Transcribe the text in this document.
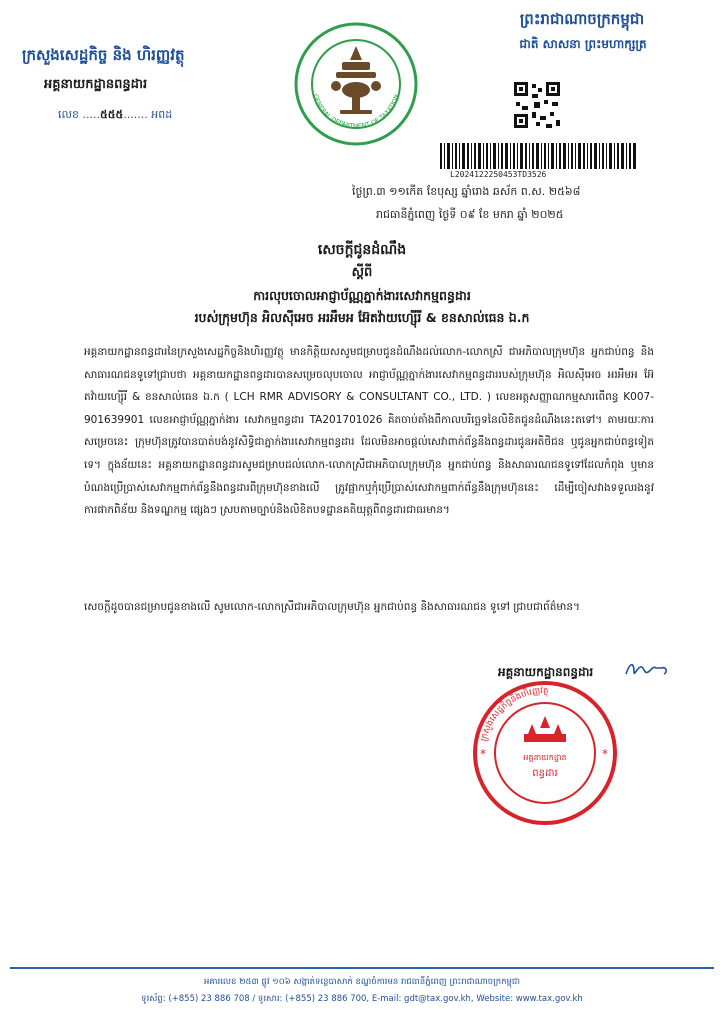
ក្រសួងសេដ្ឋកិច្ច និង ហិរញ្ញវត្ថុ
អគ្គនាយកដ្ឋានពន្ធដារ
លេខ .....៥៥៥....... អពដ
GENERAL DEPARTMENT OF TAXATION
ព្រះរាជាណាចក្រកម្ពុជា
ជាតិ សាសនា ព្រះមហាក្សត្រ
L2024122250453TD3526
ថ្ងៃព្រ.៣ ១១កើត ខែបុស្ស ឆ្នាំរោង ឆស័ក ព.ស. ២៥៦៨
រាជធានីភ្នំពេញ ថ្ងៃទី ០៩ ខែ មករា ឆ្នាំ ២០២៥
សេចក្តីជូនដំណឹង
ស្តីពី
ការលុបចោលអាជ្ញាប័ណ្ណភ្នាក់ងារសេវាកម្មពន្ធដារ
របស់ក្រុមហ៊ុន អិលស៊ីអេច អរអឹមអ អ៊ែតវ៉ាយហ្ស៊ើរី & ខនសាល់ធេន ឯ.ក
អគ្គនាយកដ្ឋានពន្ធដារនៃក្រសួងសេដ្ឋកិច្ចនិងហិរញ្ញវត្ថុ មានកិត្តិយសសូមជម្រាបជូនដំណឹងដល់លោក-លោកស្រី ជាអភិបាលក្រុមហ៊ុន អ្នកជាប់ពន្ធ និងសាធារណជនទូទៅជ្រាបថា អគ្គនាយកដ្ឋានពន្ធដារបានសម្រេចលុបចោល អាជ្ញាប័ណ្ណភ្នាក់ងារសេវាកម្មពន្ធដាររបស់ក្រុមហ៊ុន អិលស៊ីអេច អរអឹមអ អ៊ែតវ៉ាយហ្ស៊ើរី & ខនសាល់ធេន ឯ.ក ( LCH RMR ADVISORY & CONSULTANT CO., LTD. ) លេខអត្តសញ្ញាណកម្មសារពើពន្ធ K007-901639901 លេខអាជ្ញាប័ណ្ណភ្នាក់ងារ សេវាកម្មពន្ធដារ TA201701026 គិតចាប់តាំងពីកាលបរិច្ឆេទនៃលិខិតជូនដំណឹងនេះតទៅ។ តាមរយៈការសម្រេចនេះ ក្រុមហ៊ុនត្រូវបានបាត់បង់នូវសិទ្ធិជាភ្នាក់ងារសេវាកម្មពន្ធដារ ដែលមិនអាចផ្តល់សេវាពាក់ព័ន្ធនឹងពន្ធដារជូនអតិថិជន ឬជូនអ្នកជាប់ពន្ធទៀតទេ។ ក្នុងន័យនេះ អគ្គនាយកដ្ឋានពន្ធដារសូមជម្រាបដល់លោក-លោកស្រីជាអភិបាលក្រុមហ៊ុន អ្នកជាប់ពន្ធ និងសាធារណជនទូទៅដែលកំពុង ឬមានបំណងប្រើប្រាស់សេវាកម្មពាក់ព័ន្ធនឹងពន្ធដារពីក្រុមហ៊ុនខាងលើ ត្រូវផ្អាកឬកុំប្រើប្រាស់សេវាកម្មពាក់ព័ន្ធនឹងក្រុមហ៊ុននេះ ដើម្បីចៀសវាងទទួលរងនូវការផាកពិន័យ និងទណ្ឌកម្ម ផ្សេងៗ ស្របតាមច្បាប់និងលិខិតបទដ្ឋានគតិយុត្តពីពន្ធដារជាធរមាន។
សេចក្តីដូចបានជម្រាបជូនខាងលើ សូមលោក-លោកស្រីជាអភិបាលក្រុមហ៊ុន អ្នកជាប់ពន្ធ និងសាធារណជន ទូទៅ ជ្រាបជាព័ត៌មាន។
អគ្គនាយកដ្ឋានពន្ធដារ
ក្រសួងសេដ្ឋកិច្ចនិងហិរញ្ញវត្ថុ
អគ្គនាយកដ្ឋាន
ពន្ធដារ
*	*
អគារលេខ ២៥៣ ផ្លូវ ១០៦ សង្កាត់ទន្លេបាសាក់ ខណ្ឌចំការមន រាជធានីភ្នំពេញ ព្រះរាជាណាចក្រកម្ពុជា
ទូរស័ព្ទ: (+855) 23 886 708 / ទូរសារ: (+855) 23 886 700, E-mail: gdt@tax.gov.kh, Website: www.tax.gov.kh
